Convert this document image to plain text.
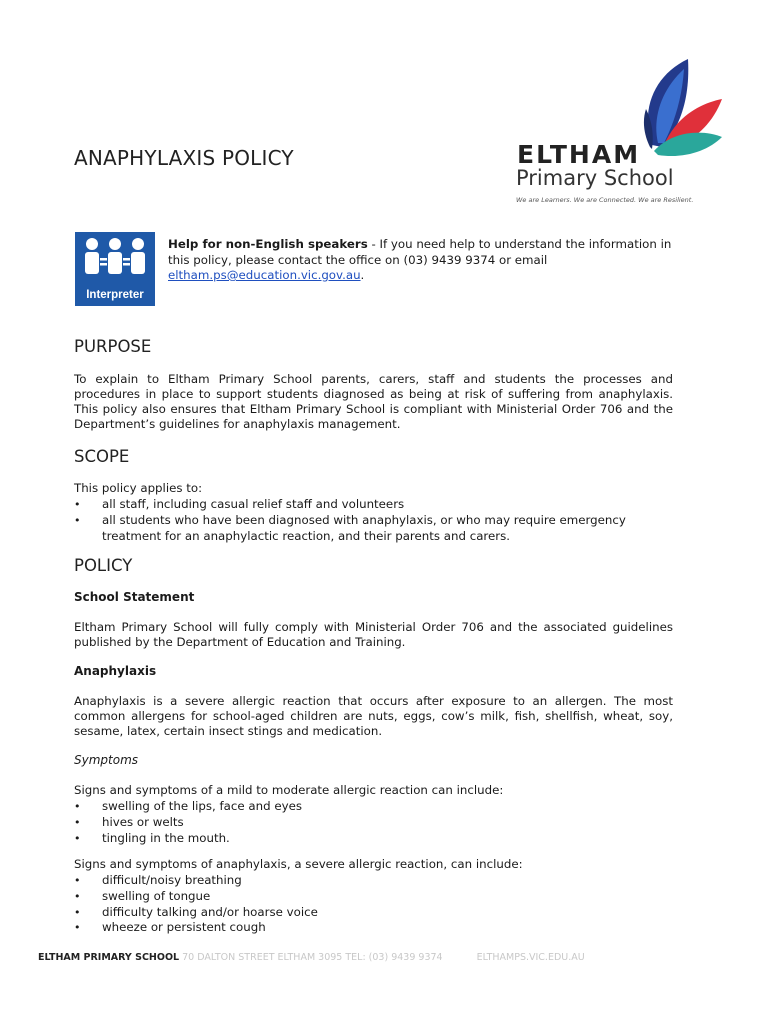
ANAPHYLAXIS POLICY	ELTHAM
Primary School
We are Learners. We are Connected. We are Resilient.
Interpreter

Help for non-English speakers - If you need help to understand the information in this policy, please contact the office on (03) 9439 9374 or email eltham.ps@education.vic.gov.au.

PURPOSE

To explain to Eltham Primary School parents, carers, staff and students the processes and procedures in place to support students diagnosed as being at risk of suffering from anaphylaxis. This policy also ensures that Eltham Primary School is compliant with Ministerial Order 706 and the Department’s guidelines for anaphylaxis management.

SCOPE

This policy applies to:

• all staff, including casual relief staff and volunteers
• all students who have been diagnosed with anaphylaxis, or who may require emergency treatment for an anaphylactic reaction, and their parents and carers.
POLICY

School Statement

Eltham Primary School will fully comply with Ministerial Order 706 and the associated guidelines published by the Department of Education and Training.

Anaphylaxis

Anaphylaxis is a severe allergic reaction that occurs after exposure to an allergen. The most common allergens for school-aged children are nuts, eggs, cow’s milk, fish, shellfish, wheat, soy, sesame, latex, certain insect stings and medication.

Symptoms

Signs and symptoms of a mild to moderate allergic reaction can include:

• swelling of the lips, face and eyes
• hives or welts
• tingling in the mouth.

Signs and symptoms of anaphylaxis, a severe allergic reaction, can include:

• difficult/noisy breathing
• swelling of tongue
• difficulty talking and/or hoarse voice
• wheeze or persistent cough
ELTHAM PRIMARY SCHOOL 70 DALTON STREET ELTHAM 3095 TEL: (03) 9439 9374	ELTHAMPS.VIC.EDU.AU
